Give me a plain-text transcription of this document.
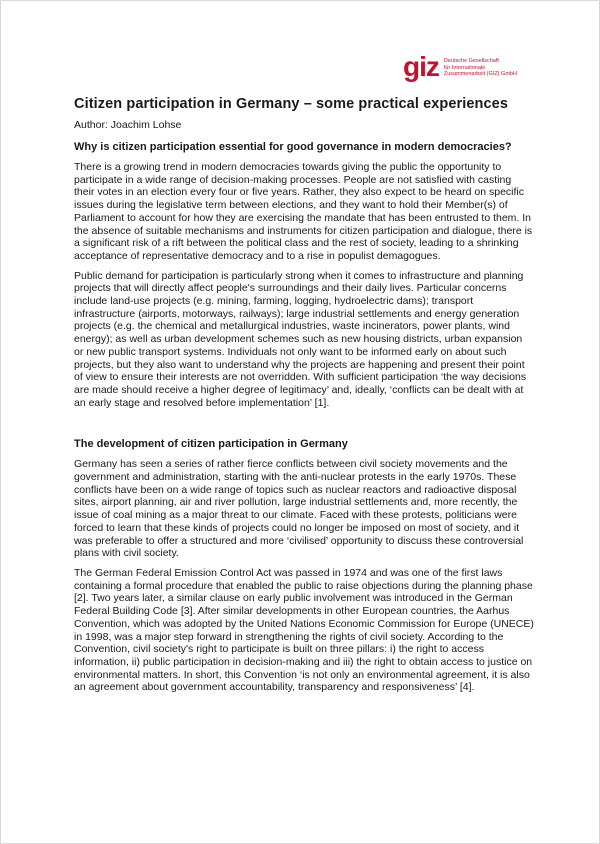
giz Deutsche Gesellschaft
für Internationale
Zusammenarbeit (GIZ) GmbH
Citizen participation in Germany – some practical experiences
Author: Joachim Lohse
Why is citizen participation essential for good governance in modern democracies?

There is a growing trend in modern democracies towards giving the public the opportunity to participate in a wide range of decision-making processes. People are not satisfied with casting their votes in an election every four or five years. Rather, they also expect to be heard on specific issues during the legislative term between elections, and they want to hold their Member(s) of Parliament to account for how they are exercising the mandate that has been entrusted to them. In the absence of suitable mechanisms and instruments for citizen participation and dialogue, there is a significant risk of a rift between the political class and the rest of society, leading to a shrinking acceptance of representative democracy and to a rise in populist demagogues.

Public demand for participation is particularly strong when it comes to infrastructure and planning projects that will directly affect people's surroundings and their daily lives. Particular concerns include land-use projects (e.g. mining, farming, logging, hydroelectric dams); transport infrastructure (airports, motorways, railways); large industrial settlements and energy generation projects (e.g. the chemical and metallurgical industries, waste incinerators, power plants, wind energy); as well as urban development schemes such as new housing districts, urban expansion or new public transport systems. Individuals not only want to be informed early on about such projects, but they also want to understand why the projects are happening and present their point of view to ensure their interests are not overridden. With sufficient participation ‘the way decisions are made should receive a higher degree of legitimacy’ and, ideally, ‘conflicts can be dealt with at an early stage and resolved before implementation’ [1].

The development of citizen participation in Germany

Germany has seen a series of rather fierce conflicts between civil society movements and the government and administration, starting with the anti-nuclear protests in the early 1970s. These conflicts have been on a wide range of topics such as nuclear reactors and radioactive disposal sites, airport planning, air and river pollution, large industrial settlements and, more recently, the issue of coal mining as a major threat to our climate. Faced with these protests, politicians were forced to learn that these kinds of projects could no longer be imposed on most of society, and it was preferable to offer a structured and more ‘civilised’ opportunity to discuss these controversial plans with civil society.

The German Federal Emission Control Act was passed in 1974 and was one of the first laws containing a formal procedure that enabled the public to raise objections during the planning phase [2]. Two years later, a similar clause on early public involvement was introduced in the German Federal Building Code [3]. After similar developments in other European countries, the Aarhus Convention, which was adopted by the United Nations Economic Commission for Europe (UNECE) in 1998, was a major step forward in strengthening the rights of civil society. According to the Convention, civil society's right to participate is built on three pillars: i) the right to access information, ii) public participation in decision-making and iii) the right to obtain access to justice on environmental matters. In short, this Convention ‘is not only an environmental agreement, it is also an agreement about government accountability, transparency and responsiveness’ [4].
